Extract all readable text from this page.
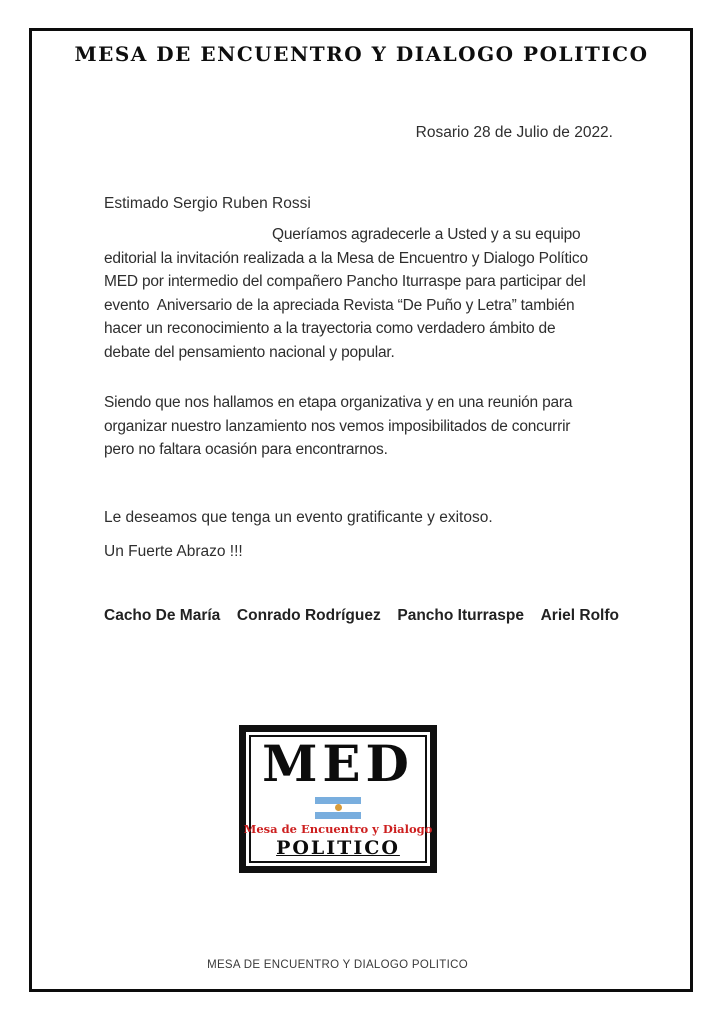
MESA DE ENCUENTRO Y DIALOGO POLITICO
Rosario 28 de Julio de 2022.
Estimado Sergio Ruben Rossi
Queríamos agradecerle a Usted y a su equipo
editorial la invitación realizada a la Mesa de Encuentro y Dialogo Político
MED por intermedio del compañero Pancho Iturraspe para participar del
evento  Aniversario de la apreciada Revista “De Puño y Letra” también
hacer un reconocimiento a la trayectoria como verdadero ámbito de
debate del pensamiento nacional y popular.
Siendo que nos hallamos en etapa organizativa y en una reunión para
organizar nuestro lanzamiento nos vemos imposibilitados de concurrir
pero no faltara ocasión para encontrarnos.
Le deseamos que tenga un evento gratificante y exitoso.
Un Fuerte Abrazo !!!
Cacho De María Conrado Rodríguez Pancho Iturraspe Ariel Rolfo
MED
Mesa de Encuentro y Dialogo
POLITICO
MESA DE ENCUENTRO Y DIALOGO POLITICO
